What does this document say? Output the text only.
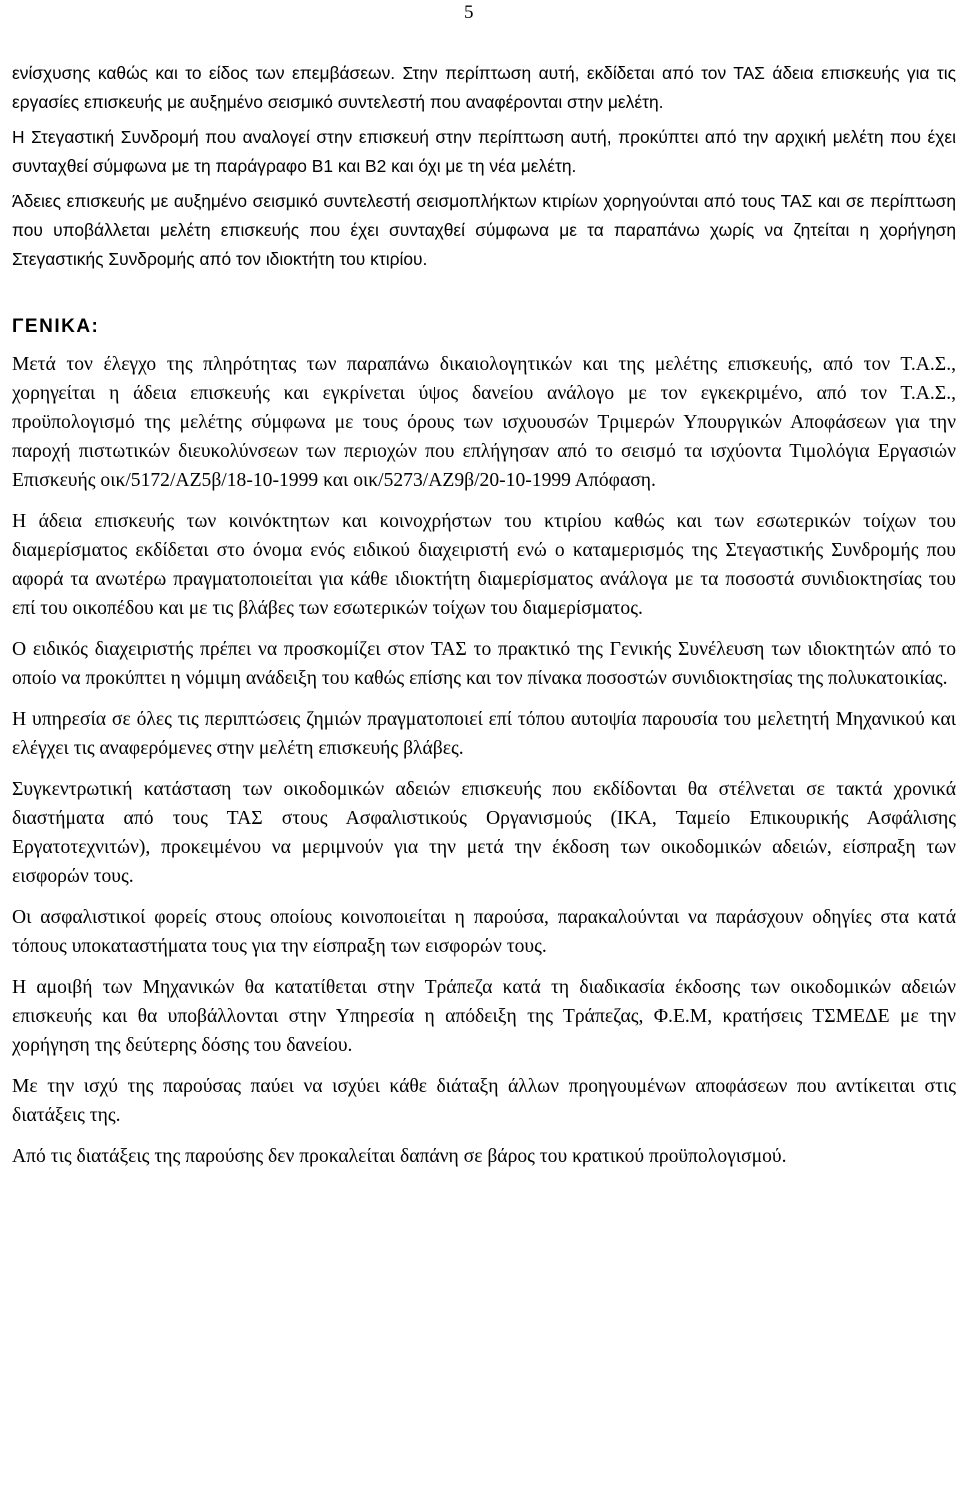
5

ενίσχυσης καθώς και το είδος των επεμβάσεων. Στην περίπτωση αυτή, εκδίδεται από τον ΤΑΣ άδεια επισκευής για τις εργασίες επισκευής με αυξημένο σεισμικό συντελεστή που αναφέρονται στην μελέτη.

Η Στεγαστική Συνδρομή που αναλογεί στην επισκευή στην περίπτωση αυτή, προκύπτει από την αρχική μελέτη που έχει συνταχθεί σύμφωνα με τη παράγραφο Β1 και Β2 και όχι με τη νέα μελέτη.

Άδειες επισκευής με αυξημένο σεισμικό συντελεστή σεισμοπλήκτων κτιρίων χορηγούνται από τους ΤΑΣ και σε περίπτωση που υποβάλλεται μελέτη επισκευής που έχει συνταχθεί σύμφωνα με τα παραπάνω χωρίς να ζητείται η χορήγηση Στεγαστικής Συνδρομής από τον ιδιοκτήτη του κτιρίου.

ΓΕΝΙΚΑ:

Μετά τον έλεγχο της πληρότητας των παραπάνω δικαιολογητικών και της μελέτης επισκευής, από τον Τ.Α.Σ., χορηγείται η άδεια επισκευής και εγκρίνεται ύψος δανείου ανάλογο με τον εγκεκριμένο, από τον Τ.Α.Σ., προϋπολογισμό της μελέτης σύμφωνα με τους όρους των ισχυουσών Τριμερών Υπουργικών Αποφάσεων για την παροχή πιστωτικών διευκολύνσεων των περιοχών που επλήγησαν από το σεισμό τα ισχύοντα Τιμολόγια Εργασιών Επισκευής οικ/5172/ΑΖ5β/18-10-1999 και οικ/5273/ΑΖ9β/20-10-1999 Απόφαση.

Η άδεια επισκευής των κοινόκτητων και κοινοχρήστων του κτιρίου καθώς και των εσωτερικών τοίχων του διαμερίσματος εκδίδεται στο όνομα ενός ειδικού διαχειριστή ενώ ο καταμερισμός της Στεγαστικής Συνδρομής που αφορά τα ανωτέρω πραγματοποιείται για κάθε ιδιοκτήτη διαμερίσματος ανάλογα με τα ποσοστά συνιδιοκτησίας του επί του οικοπέδου και με τις βλάβες των εσωτερικών τοίχων του διαμερίσματος.

Ο ειδικός διαχειριστής πρέπει να προσκομίζει στον ΤΑΣ το πρακτικό της Γενικής Συνέλευση των ιδιοκτητών από το οποίο να προκύπτει η νόμιμη ανάδειξη του καθώς επίσης και τον πίνακα ποσοστών συνιδιοκτησίας της πολυκατοικίας.

Η υπηρεσία σε όλες τις περιπτώσεις ζημιών πραγματοποιεί επί τόπου αυτοψία παρουσία του μελετητή Μηχανικού και ελέγχει τις αναφερόμενες στην μελέτη επισκευής βλάβες.

Συγκεντρωτική κατάσταση των οικοδομικών αδειών επισκευής που εκδίδονται θα στέλνεται σε τακτά χρονικά διαστήματα από τους ΤΑΣ στους Ασφαλιστικούς Οργανισμούς (ΙΚΑ, Ταμείο Επικουρικής Ασφάλισης Εργατοτεχνιτών), προκειμένου να μεριμνούν για την μετά την έκδοση των οικοδομικών αδειών, είσπραξη των εισφορών τους.

Οι ασφαλιστικοί φορείς στους οποίους κοινοποιείται η παρούσα, παρακαλούνται να παράσχουν οδηγίες στα κατά τόπους υποκαταστήματα τους για την είσπραξη των εισφορών τους.

Η αμοιβή των Μηχανικών θα κατατίθεται στην Τράπεζα κατά τη διαδικασία έκδοσης των οικοδομικών αδειών επισκευής και θα υποβάλλονται στην Υπηρεσία η απόδειξη της Τράπεζας, Φ.Ε.Μ, κρατήσεις ΤΣΜΕΔΕ με την χορήγηση της δεύτερης δόσης του δανείου.

Με την ισχύ της παρούσας παύει να ισχύει κάθε διάταξη άλλων προηγουμένων αποφάσεων που αντίκειται στις διατάξεις της.

Από τις διατάξεις της παρούσης δεν προκαλείται δαπάνη σε βάρος του κρατικού προϋπολογισμού.
